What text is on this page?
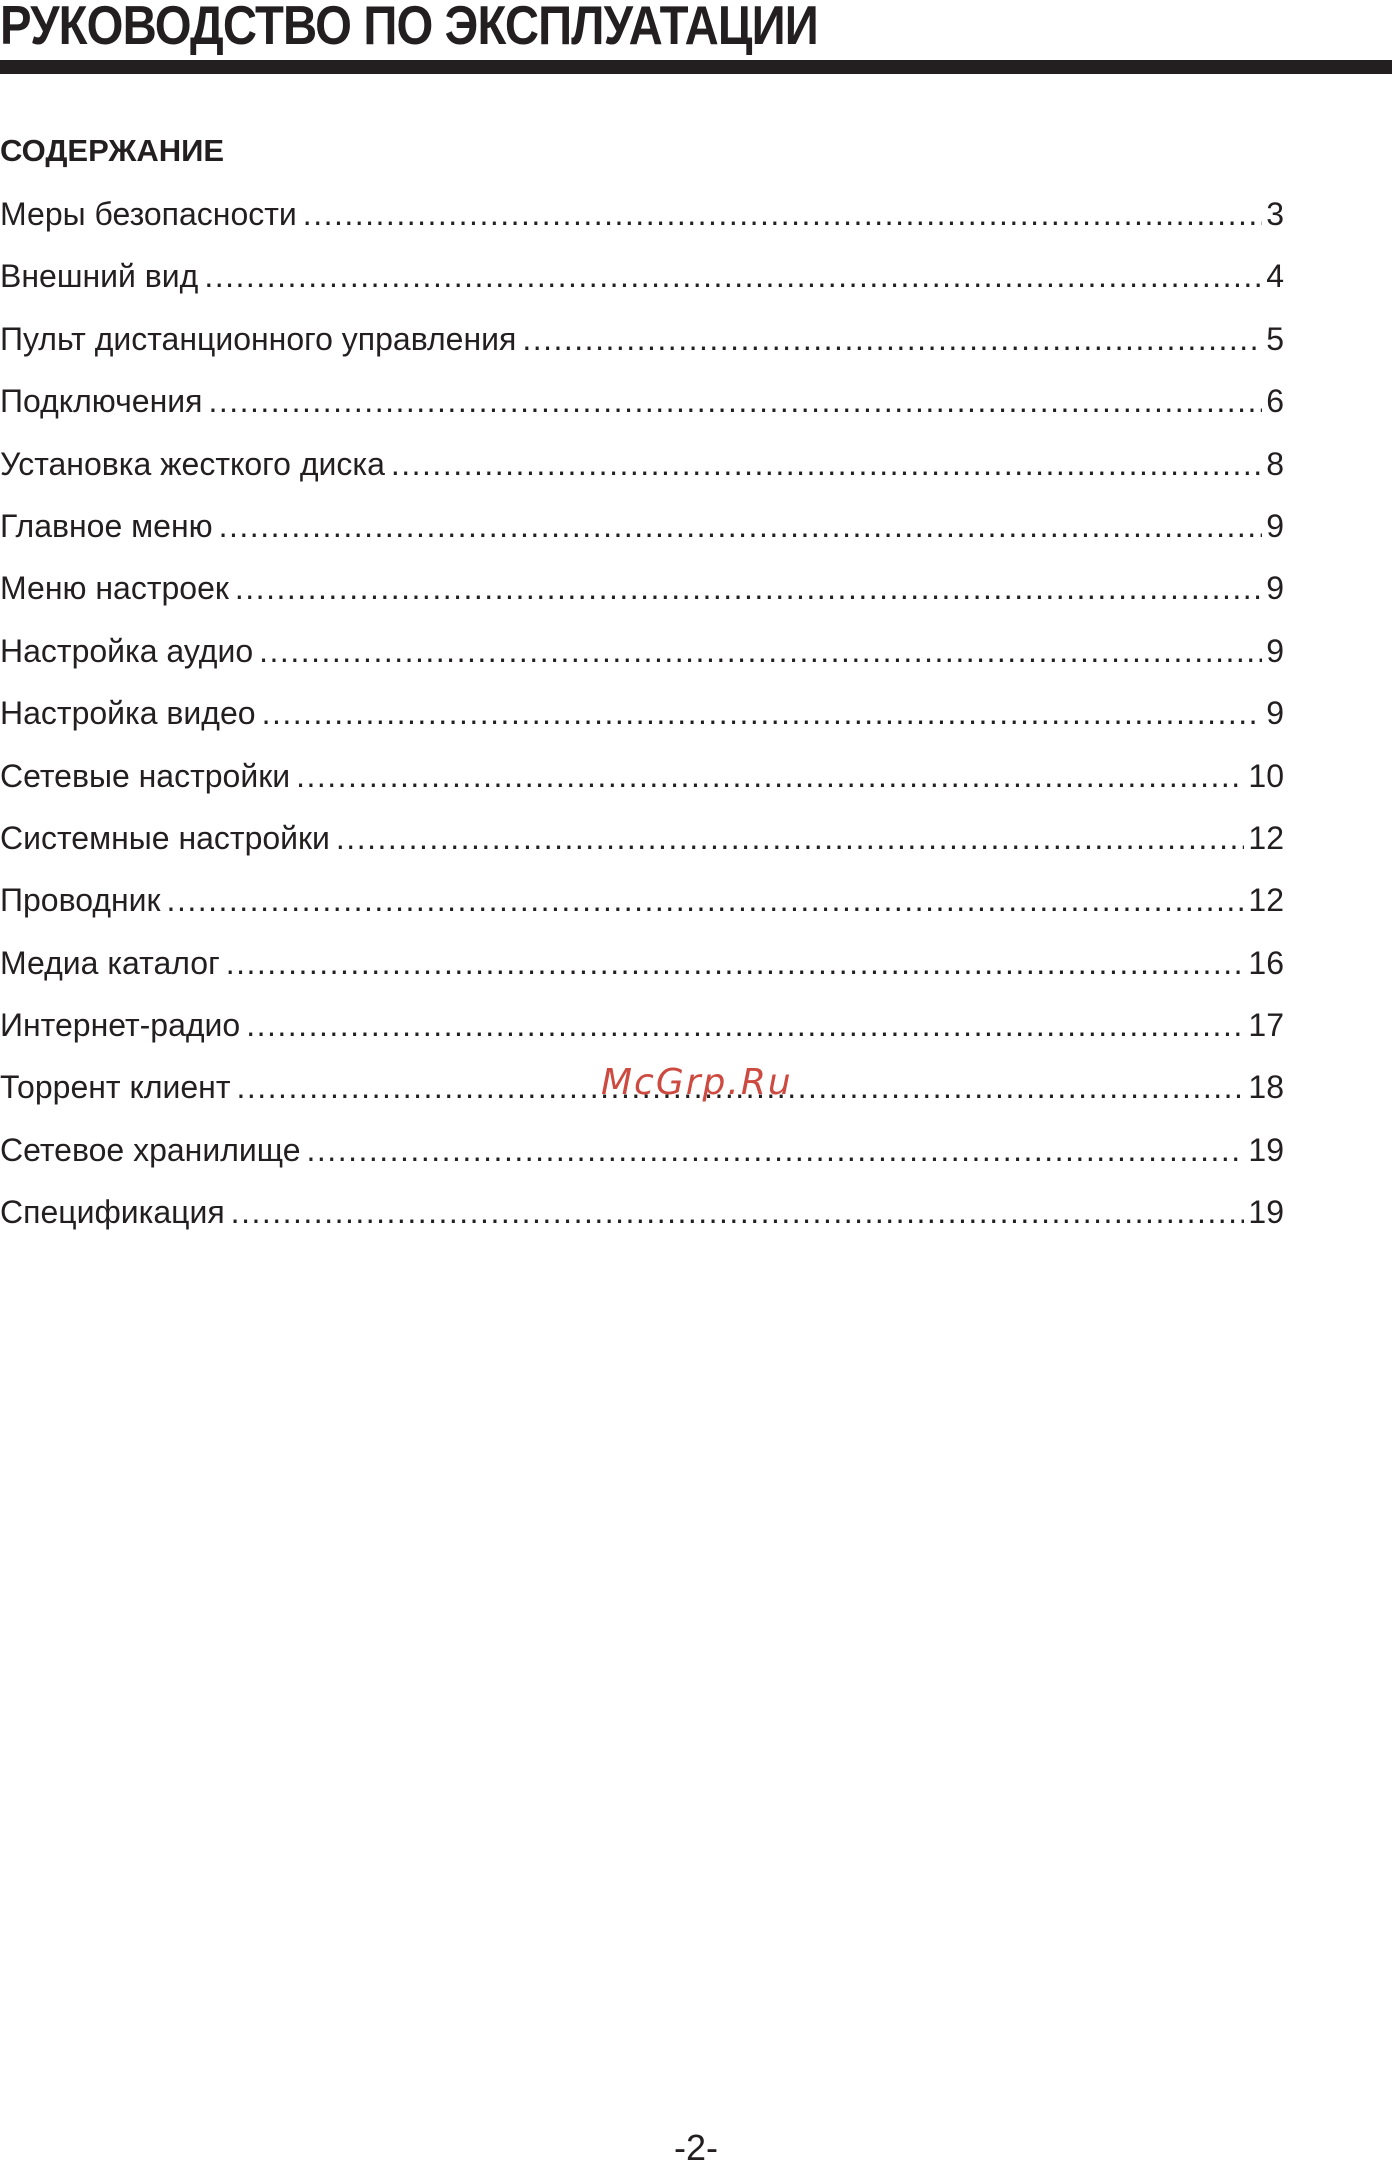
РУКОВОДСТВО ПО ЭКСПЛУАТАЦИИ
СОДЕРЖАНИЕ
Меры безопасности .....	3
Внешний вид .....	4
Пульт дистанционного управления .....	5
Подключения .....	6
Установка жесткого диска .....	8
Главное меню .....	9
Меню настроек .....	9
Настройка аудио .....	9
Настройка видео .....	9
Сетевые настройки .....	10
Системные настройки .....	12
Проводник .....	12
Медиа каталог .....	16
Интернет-радио .....	17
Торрент клиент .....	18
Сетевое хранилище .....	19
Спецификация .....	19
McGrp.Ru
-2-
